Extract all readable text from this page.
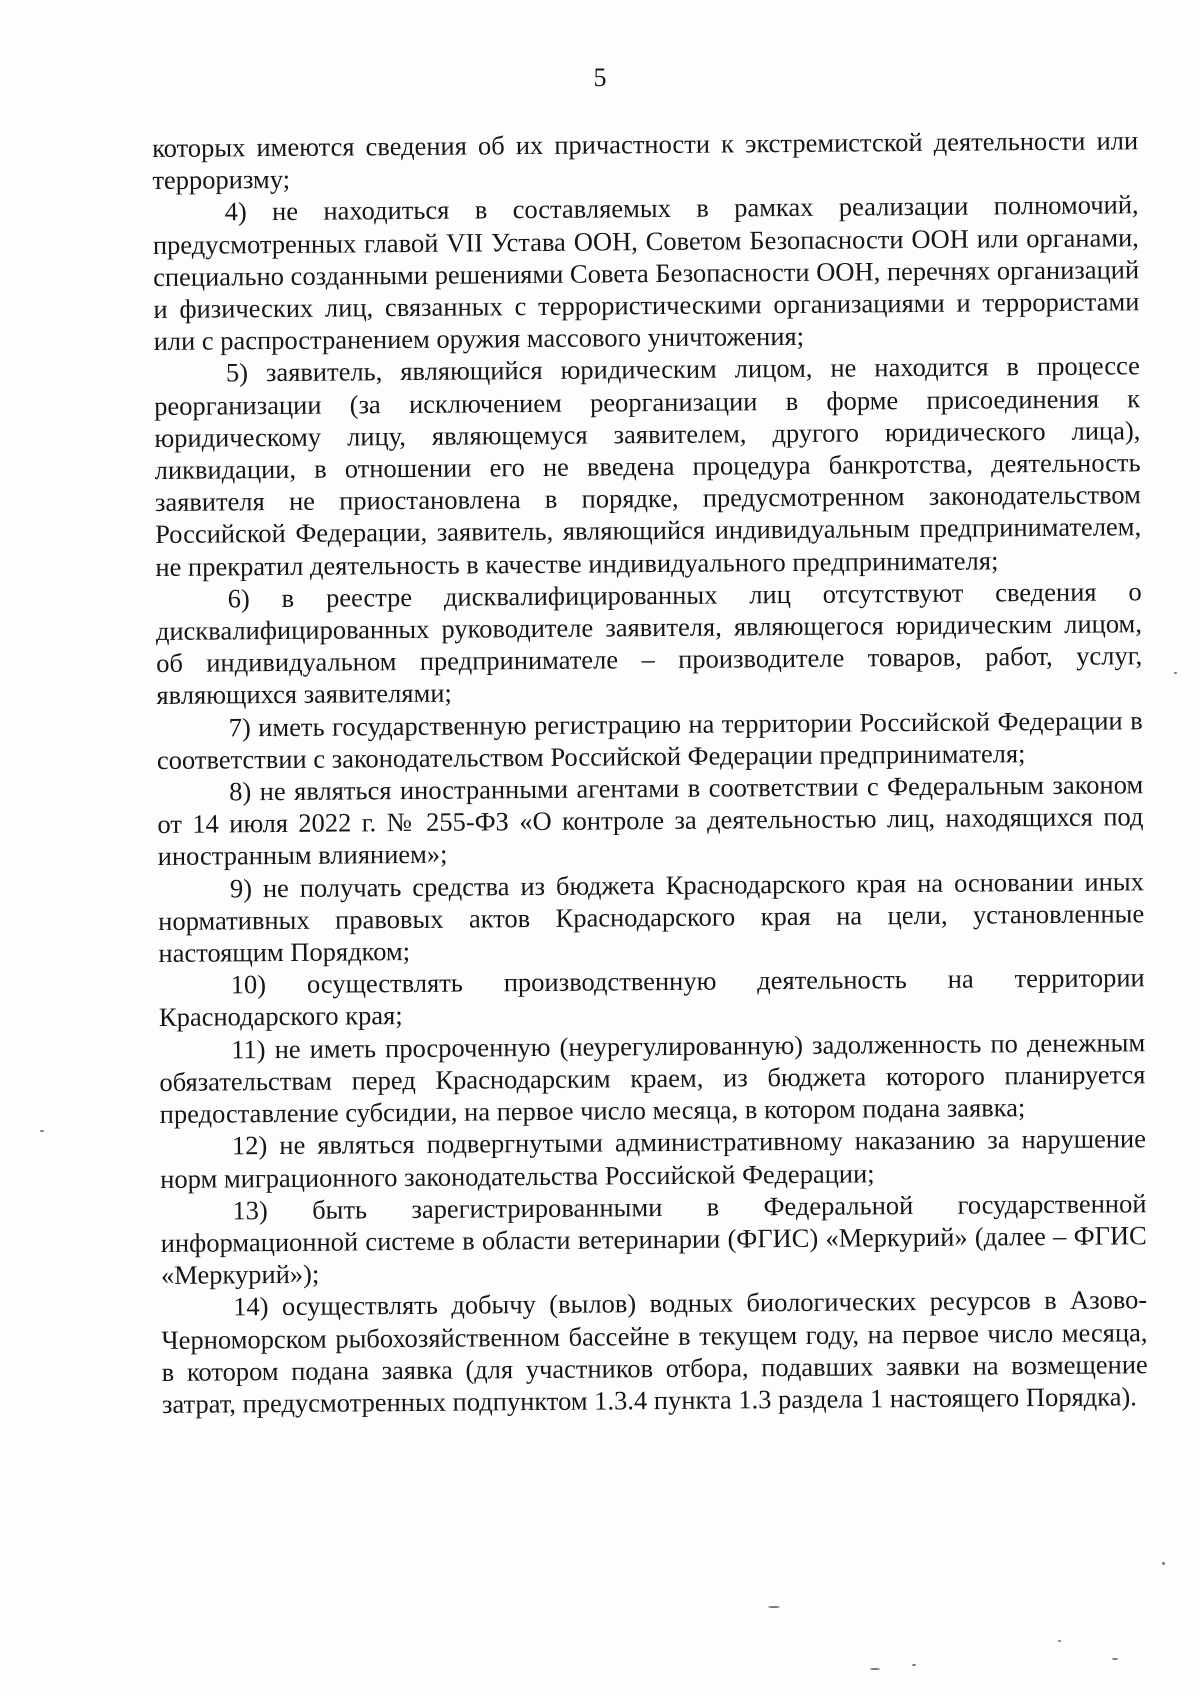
5

которых имеются сведения об их причастности к экстремистской деятельности или терроризму;

4) не находиться в составляемых в рамках реализации полномочий, предусмотренных главой VII Устава ООН, Советом Безопасности ООН или органами, специально созданными решениями Совета Безопасности ООН, перечнях организаций и физических лиц, связанных с террористическими организациями и террористами или с распространением оружия массового уничтожения;

5) заявитель, являющийся юридическим лицом, не находится в процессе реорганизации (за исключением реорганизации в форме присоединения к юридическому лицу, являющемуся заявителем, другого юридического лица), ликвидации, в отношении его не введена процедура банкротства, деятельность заявителя не приостановлена в порядке, предусмотренном законодательством Российской Федерации, заявитель, являющийся индивидуальным предпринимателем, не прекратил деятельность в качестве индивидуального предпринимателя;

6) в реестре дисквалифицированных лиц отсутствуют сведения о дисквалифицированных руководителе заявителя, являющегося юридическим лицом, об индивидуальном предпринимателе – производителе товаров, работ, услуг, являющихся заявителями;

7) иметь государственную регистрацию на территории Российской Федерации в соответствии с законодательством Российской Федерации предпринимателя;

8) не являться иностранными агентами в соответствии с Федеральным законом от 14 июля 2022 г. № 255-ФЗ «О контроле за деятельностью лиц, находящихся под иностранным влиянием»;

9) не получать средства из бюджета Краснодарского края на основании иных нормативных правовых актов Краснодарского края на цели, установленные настоящим Порядком;

10) осуществлять производственную деятельность на территории Краснодарского края;

11) не иметь просроченную (неурегулированную) задолженность по денежным обязательствам перед Краснодарским краем, из бюджета которого планируется предоставление субсидии, на первое число месяца, в котором подана заявка;

12) не являться подвергнутыми административному наказанию за нарушение норм миграционного законодательства Российской Федерации;

13) быть зарегистрированными в Федеральной государственной информационной системе в области ветеринарии (ФГИС) «Меркурий» (далее – ФГИС «Меркурий»);

14) осуществлять добычу (вылов) водных биологических ресурсов в Азово-Черноморском рыбохозяйственном бассейне в текущем году, на первое число месяца, в котором подана заявка (для участников отбора, подавших заявки на возмещение затрат, предусмотренных подпунктом 1.3.4 пункта 1.3 раздела 1 настоящего Порядка).
